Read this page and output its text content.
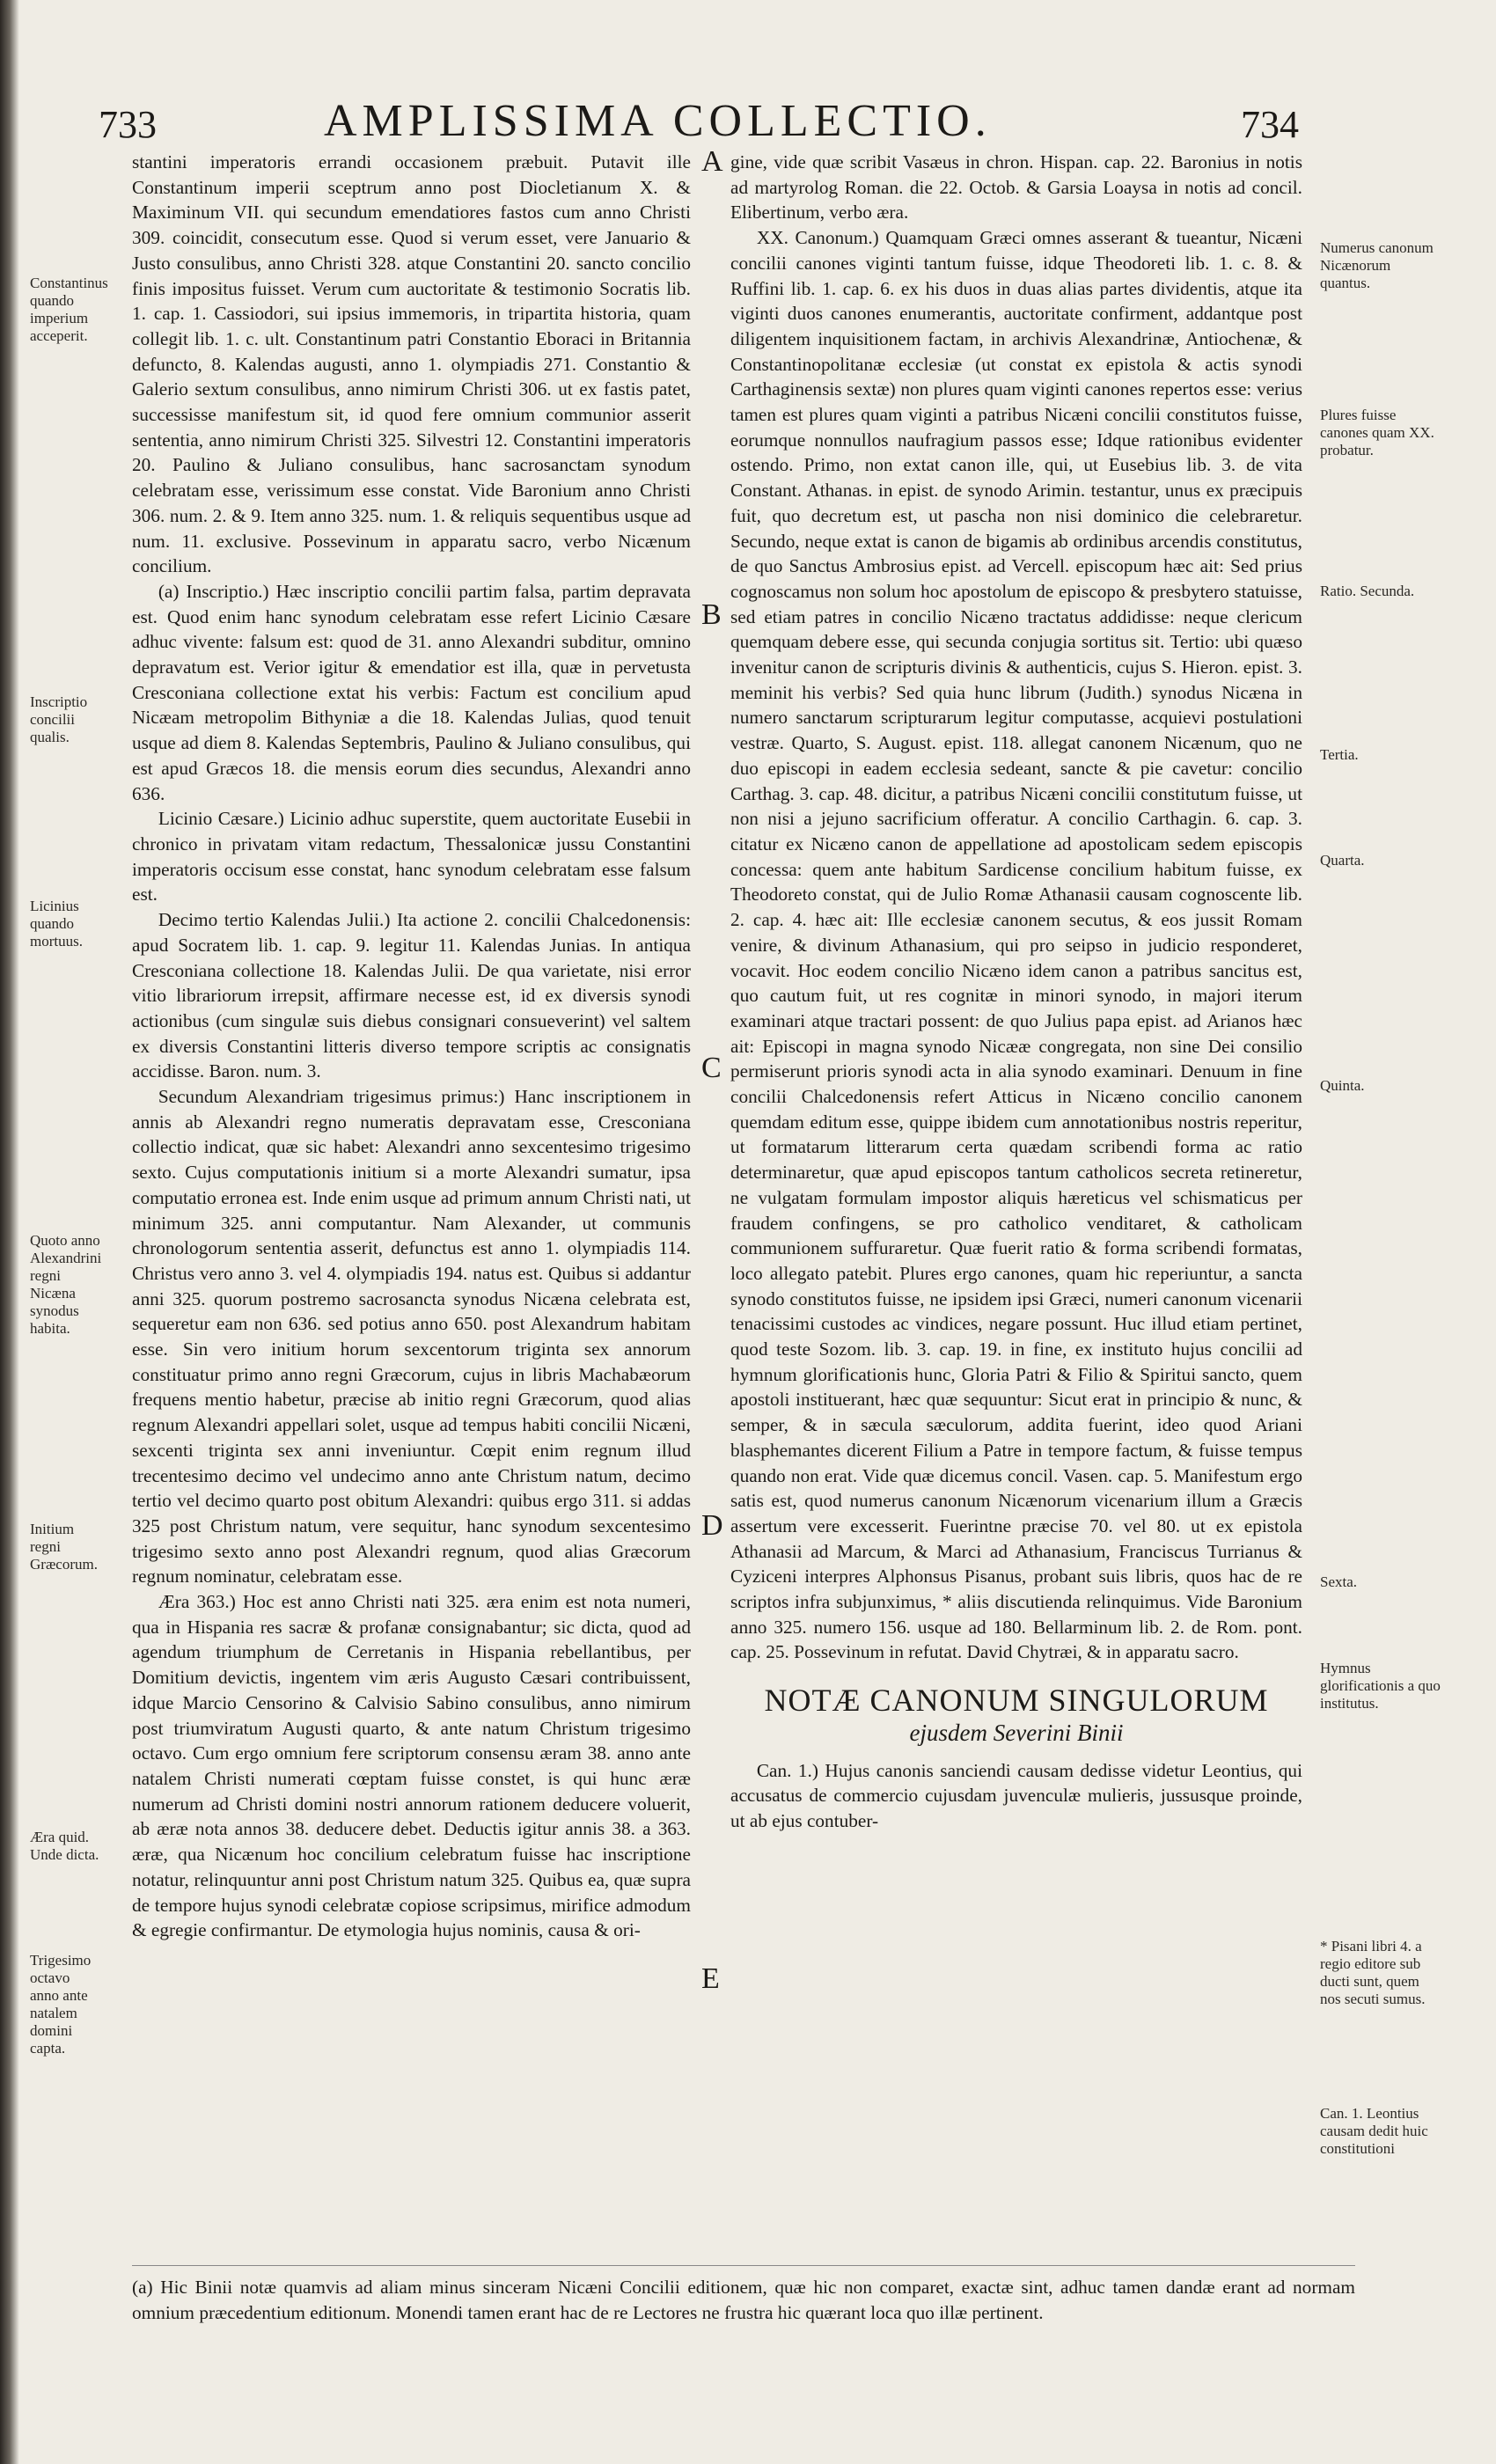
733	AMPLISSIMA COLLECTIO.	734
Constantinus quando imperium acceperit.
Inscriptio concilii qualis.
Licinius quando mortuus.
Quoto anno Alexandrini regni Nicæna synodus habita.
Initium regni Græcorum.
Æra quid. Unde dicta.
Trigesimo octavo anno ante natalem domini capta.

stantini imperatoris errandi occasionem præbuit. Putavit ille Constantinum imperii sceptrum anno post Diocletianum X. & Maximinum VII. qui secundum emendatiores fastos cum anno Christi 309. coincidit, consecutum esse. Quod si verum esset, vere Januario & Justo consulibus, anno Christi 328. atque Constantini 20. sancto concilio finis impositus fuisset. Verum cum auctoritate & testimonio Socratis lib. 1. cap. 1. Cassiodori, sui ipsius immemoris, in tripartita historia, quam collegit lib. 1. c. ult. Constantinum patri Constantio Eboraci in Britannia defuncto, 8. Kalendas augusti, anno 1. olympiadis 271. Constantio & Galerio sextum consulibus, anno nimirum Christi 306. ut ex fastis patet, successisse manifestum sit, id quod fere omnium communior asserit sententia, anno nimirum Christi 325. Silvestri 12. Constantini imperatoris 20. Paulino & Juliano consulibus, hanc sacrosanctam synodum celebratam esse, verissimum esse constat. Vide Baronium anno Christi 306. num. 2. & 9. Item anno 325. num. 1. & reliquis sequentibus usque ad num. 11. exclusive. Possevinum in apparatu sacro, verbo Nicænum concilium.

(a) Inscriptio.) Hæc inscriptio concilii partim falsa, partim depravata est. Quod enim hanc synodum celebratam esse refert Licinio Cæsare adhuc vivente: falsum est: quod de 31. anno Alexandri subditur, omnino depravatum est. Verior igitur & emendatior est illa, quæ in pervetusta Cresconiana collectione extat his verbis: Factum est concilium apud Nicæam metropolim Bithyniæ a die 18. Kalendas Julias, quod tenuit usque ad diem 8. Kalendas Septembris, Paulino & Juliano consulibus, qui est apud Græcos 18. die mensis eorum dies secundus, Alexandri anno 636.

Licinio Cæsare.) Licinio adhuc superstite, quem auctoritate Eusebii in chronico in privatam vitam redactum, Thessalonicæ jussu Constantini imperatoris occisum esse constat, hanc synodum celebratam esse falsum est.

Decimo tertio Kalendas Julii.) Ita actione 2. concilii Chalcedonensis: apud Socratem lib. 1. cap. 9. legitur 11. Kalendas Junias. In antiqua Cresconiana collectione 18. Kalendas Julii. De qua varietate, nisi error vitio librariorum irrepsit, affirmare necesse est, id ex diversis synodi actionibus (cum singulæ suis diebus consignari consueverint) vel saltem ex diversis Constantini litteris diverso tempore scriptis ac consignatis accidisse. Baron. num. 3.

Secundum Alexandriam trigesimus primus:) Hanc inscriptionem in annis ab Alexandri regno numeratis depravatam esse, Cresconiana collectio indicat, quæ sic habet: Alexandri anno sexcentesimo trigesimo sexto. Cujus computationis initium si a morte Alexandri sumatur, ipsa computatio erronea est. Inde enim usque ad primum annum Christi nati, ut minimum 325. anni computantur. Nam Alexander, ut communis chronologorum sententia asserit, defunctus est anno 1. olympiadis 114. Christus vero anno 3. vel 4. olympiadis 194. natus est. Quibus si addantur anni 325. quorum postremo sacrosancta synodus Nicæna celebrata est, sequeretur eam non 636. sed potius anno 650. post Alexandrum habitam esse. Sin vero initium horum sexcentorum triginta sex annorum constituatur primo anno regni Græcorum, cujus in libris Machabæorum frequens mentio habetur, præcise ab initio regni Græcorum, quod alias regnum Alexandri appellari solet, usque ad tempus habiti concilii Nicæni, sexcenti triginta sex anni inveniuntur. Cœpit enim regnum illud trecentesimo decimo vel undecimo anno ante Christum natum, decimo tertio vel decimo quarto post obitum Alexandri: quibus ergo 311. si addas 325 post Christum natum, vere sequitur, hanc synodum sexcentesimo trigesimo sexto anno post Alexandri regnum, quod alias Græcorum regnum nominatur, celebratam esse.

Æra 363.) Hoc est anno Christi nati 325. æra enim est nota numeri, qua in Hispania res sacræ & profanæ consignabantur; sic dicta, quod ad agendum triumphum de Cerretanis in Hispania rebellantibus, per Domitium devictis, ingentem vim æris Augusto Cæsari contribuissent, idque Marcio Censorino & Calvisio Sabino consulibus, anno nimirum post triumviratum Augusti quarto, & ante natum Christum trigesimo octavo. Cum ergo omnium fere scriptorum consensu æram 38. anno ante natalem Christi numerati cœptam fuisse constet, is qui hunc æræ numerum ad Christi domini nostri annorum rationem deducere voluerit, ab æræ nota annos 38. deducere debet. Deductis igitur annis 38. a 363. æræ, qua Nicænum hoc concilium celebratum fuisse hac inscriptione notatur, relinquuntur anni post Christum natum 325. Quibus ea, quæ supra de tempore hujus synodi celebratæ copiose scripsimus, mirifice admodum & egregie confirmantur. De etymologia hujus nominis, causa & ori-

A
B
C
D
E

gine, vide quæ scribit Vasæus in chron. Hispan. cap. 22. Baronius in notis ad martyrolog Roman. die 22. Octob. & Garsia Loaysa in notis ad concil. Elibertinum, verbo æra.

XX. Canonum.) Quamquam Græci omnes asserant & tueantur, Nicæni concilii canones viginti tantum fuisse, idque Theodoreti lib. 1. c. 8. & Ruffini lib. 1. cap. 6. ex his duos in duas alias partes dividentis, atque ita viginti duos canones enumerantis, auctoritate confirment, addantque post diligentem inquisitionem factam, in archivis Alexandrinæ, Antiochenæ, & Constantinopolitanæ ecclesiæ (ut constat ex epistola & actis synodi Carthaginensis sextæ) non plures quam viginti canones repertos esse: verius tamen est plures quam viginti a patribus Nicæni concilii constitutos fuisse, eorumque nonnullos naufragium passos esse; Idque rationibus evidenter ostendo. Primo, non extat canon ille, qui, ut Eusebius lib. 3. de vita Constant. Athanas. in epist. de synodo Arimin. testantur, unus ex præcipuis fuit, quo decretum est, ut pascha non nisi dominico die celebraretur. Secundo, neque extat is canon de bigamis ab ordinibus arcendis constitutus, de quo Sanctus Ambrosius epist. ad Vercell. episcopum hæc ait: Sed prius cognoscamus non solum hoc apostolum de episcopo & presbytero statuisse, sed etiam patres in concilio Nicæno tractatus addidisse: neque clericum quemquam debere esse, qui secunda conjugia sortitus sit. Tertio: ubi quæso invenitur canon de scripturis divinis & authenticis, cujus S. Hieron. epist. 3. meminit his verbis? Sed quia hunc librum (Judith.) synodus Nicæna in numero sanctarum scripturarum legitur computasse, acquievi postulationi vestræ. Quarto, S. August. epist. 118. allegat canonem Nicænum, quo ne duo episcopi in eadem ecclesia sedeant, sancte & pie cavetur: concilio Carthag. 3. cap. 48. dicitur, a patribus Nicæni concilii constitutum fuisse, ut non nisi a jejuno sacrificium offeratur. A concilio Carthagin. 6. cap. 3. citatur ex Nicæno canon de appellatione ad apostolicam sedem episcopis concessa: quem ante habitum Sardicense concilium habitum fuisse, ex Theodoreto constat, qui de Julio Romæ Athanasii causam cognoscente lib. 2. cap. 4. hæc ait: Ille ecclesiæ canonem secutus, & eos jussit Romam venire, & divinum Athanasium, qui pro seipso in judicio responderet, vocavit. Hoc eodem concilio Nicæno idem canon a patribus sancitus est, quo cautum fuit, ut res cognitæ in minori synodo, in majori iterum examinari atque tractari possent: de quo Julius papa epist. ad Arianos hæc ait: Episcopi in magna synodo Nicææ congregata, non sine Dei consilio permiserunt prioris synodi acta in alia synodo examinari. Denuum in fine concilii Chalcedonensis refert Atticus in Nicæno concilio canonem quemdam editum esse, quippe ibidem cum annotationibus nostris reperitur, ut formatarum litterarum certa quædam scribendi forma ac ratio determinaretur, quæ apud episcopos tantum catholicos secreta retineretur, ne vulgatam formulam impostor aliquis hæreticus vel schismaticus per fraudem confingens, se pro catholico venditaret, & catholicam communionem suffuraretur. Quæ fuerit ratio & forma scribendi formatas, loco allegato patebit. Plures ergo canones, quam hic reperiuntur, a sancta synodo constitutos fuisse, ne ipsidem ipsi Græci, numeri canonum vicenarii tenacissimi custodes ac vindices, negare possunt. Huc illud etiam pertinet, quod teste Sozom. lib. 3. cap. 19. in fine, ex instituto hujus concilii ad hymnum glorificationis hunc, Gloria Patri & Filio & Spiritui sancto, quem apostoli instituerant, hæc quæ sequuntur: Sicut erat in principio & nunc, & semper, & in sæcula sæculorum, addita fuerint, ideo quod Ariani blasphemantes dicerent Filium a Patre in tempore factum, & fuisse tempus quando non erat. Vide quæ dicemus concil. Vasen. cap. 5. Manifestum ergo satis est, quod numerus canonum Nicænorum vicenarium illum a Græcis assertum vere excesserit. Fuerintne præcise 70. vel 80. ut ex epistola Athanasii ad Marcum, & Marci ad Athanasium, Franciscus Turrianus & Cyziceni interpres Alphonsus Pisanus, probant suis libris, quos hac de re scriptos infra subjunximus, * aliis discutienda relinquimus. Vide Baronium anno 325. numero 156. usque ad 180. Bellarminum lib. 2. de Rom. pont. cap. 25. Possevinum in refutat. David Chytræi, & in apparatu sacro.

NOTÆ CANONUM SINGULORUM
ejusdem Severini Binii

Can. 1.) Hujus canonis sanciendi causam dedisse videtur Leontius, qui accusatus de commercio cujusdam juvenculæ mulieris, jussusque proinde, ut ab ejus contuber-

Numerus canonum Nicænorum quantus.
Plures fuisse canones quam XX. probatur.
Ratio. Secunda.
Tertia.
Quarta.
Quinta.
Sexta.
Hymnus glorificationis a quo institutus.
* Pisani libri 4. a regio editore sub ducti sunt, quem nos secuti sumus.
Can. 1. Leontius causam dedit huic constitutioni
(a) Hic Binii notæ quamvis ad aliam minus sinceram Nicæni Concilii editionem, quæ hic non comparet, exactæ sint, adhuc tamen dandæ erant ad normam omnium præcedentium editionum. Monendi tamen erant hac de re Lectores ne frustra hic quærant loca quo illæ pertinent.
